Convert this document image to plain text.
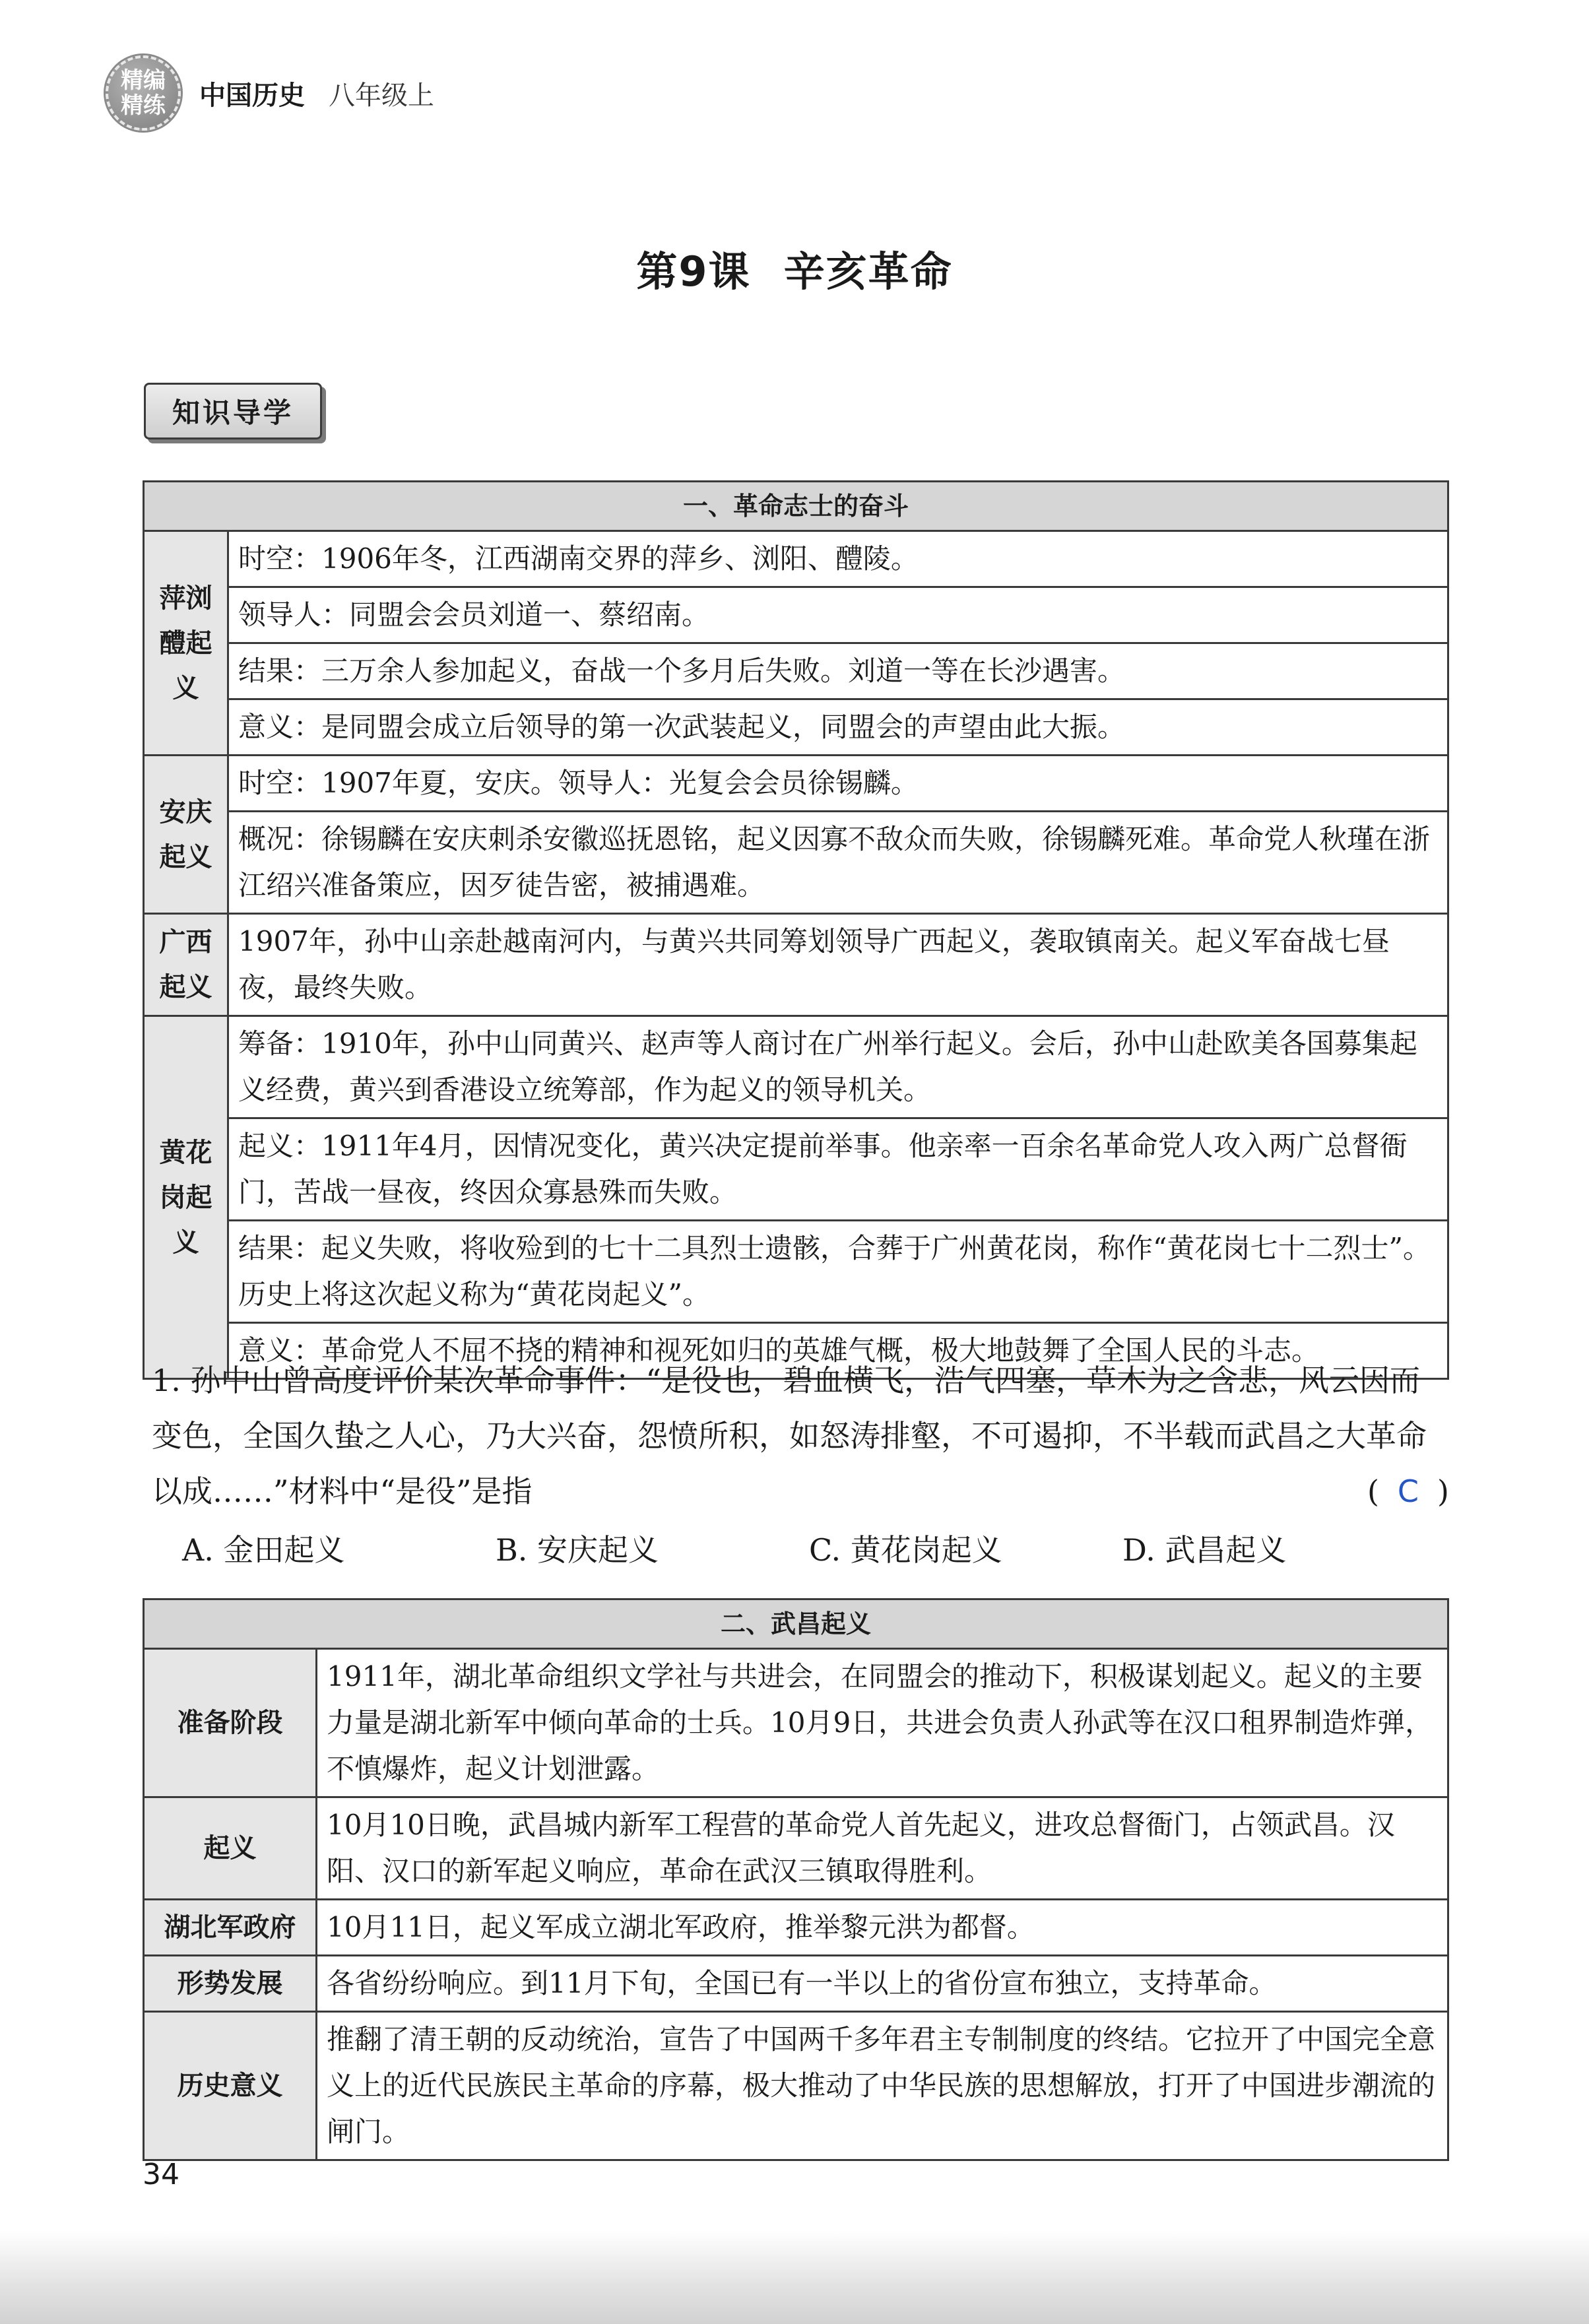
精编
精练 中国历史 八年级上
第9课 辛亥革命
知识导学
一、革命志士的奋斗	
萍浏醴起义	时空：1906年冬，江西湖南交界的萍乡、浏阳、醴陵。
	领导人：同盟会会员刘道一、蔡绍南。
	结果：三万余人参加起义，奋战一个多月后失败。刘道一等在长沙遇害。
	意义：是同盟会成立后领导的第一次武装起义，同盟会的声望由此大振。
安庆起义	时空：1907年夏，安庆。领导人：光复会会员徐锡麟。
	概况：徐锡麟在安庆刺杀安徽巡抚恩铭，起义因寡不敌众而失败，徐锡麟死难。革命党人秋瑾在浙江绍兴准备策应，因歹徒告密，被捕遇难。
广西起义	1907年，孙中山亲赴越南河内，与黄兴共同筹划领导广西起义，袭取镇南关。起义军奋战七昼夜，最终失败。
黄花岗起义	筹备：1910年，孙中山同黄兴、赵声等人商讨在广州举行起义。会后，孙中山赴欧美各国募集起义经费，黄兴到香港设立统筹部，作为起义的领导机关。
	起义：1911年4月，因情况变化，黄兴决定提前举事。他亲率一百余名革命党人攻入两广总督衙门，苦战一昼夜，终因众寡悬殊而失败。
	结果：起义失败，将收殓到的七十二具烈士遗骸，合葬于广州黄花岗，称作“黄花岗七十二烈士”。历史上将这次起义称为“黄花岗起义”。
	意义：革命党人不屈不挠的精神和视死如归的英雄气概，极大地鼓舞了全国人民的斗志。
1. 孙中山曾高度评价某次革命事件：“是役也，碧血横飞，浩气四塞，草木为之含悲，风云因而变色，全国久蛰之人心，乃大兴奋，怨愤所积，如怒涛排壑，不可遏抑，不半载而武昌之大革命以成……”材料中“是役”是指	( C )
A. 金田起义	B. 安庆起义	C. 黄花岗起义	D. 武昌起义
二、武昌起义	
准备阶段	1911年，湖北革命组织文学社与共进会，在同盟会的推动下，积极谋划起义。起义的主要力量是湖北新军中倾向革命的士兵。10月9日，共进会负责人孙武等在汉口租界制造炸弹，不慎爆炸，起义计划泄露。
起义	10月10日晚，武昌城内新军工程营的革命党人首先起义，进攻总督衙门，占领武昌。汉阳、汉口的新军起义响应，革命在武汉三镇取得胜利。
湖北军政府	10月11日，起义军成立湖北军政府，推举黎元洪为都督。
形势发展	各省纷纷响应。到11月下旬，全国已有一半以上的省份宣布独立，支持革命。
历史意义	推翻了清王朝的反动统治，宣告了中国两千多年君主专制制度的终结。它拉开了中国完全意义上的近代民族民主革命的序幕，极大推动了中华民族的思想解放，打开了中国进步潮流的闸门。
34
